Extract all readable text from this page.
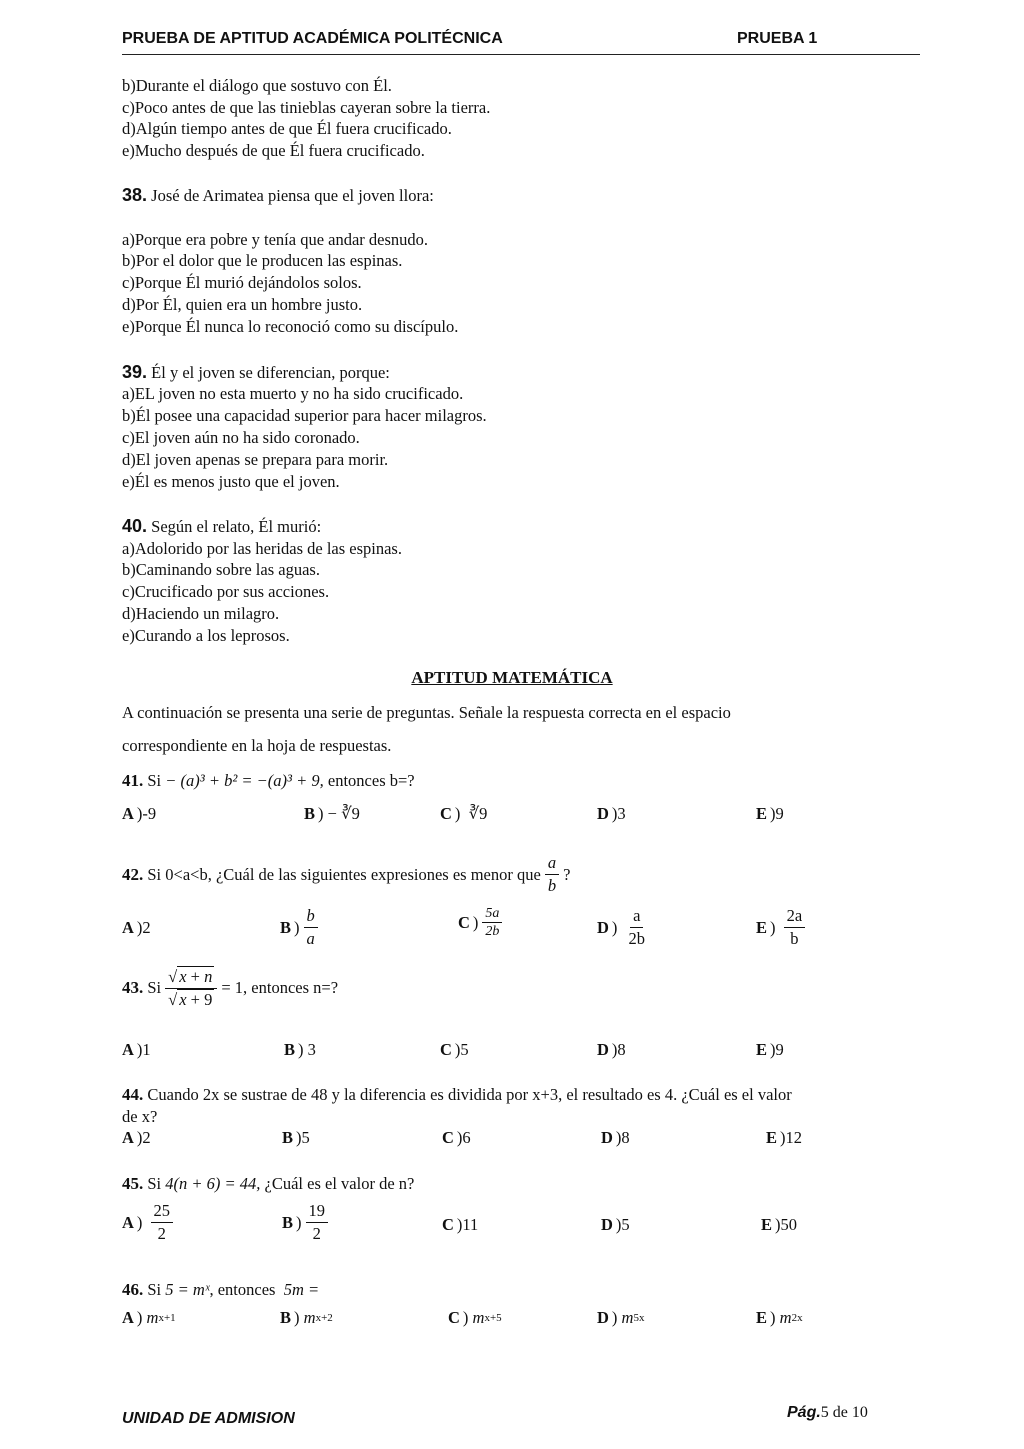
PRUEBA DE APTITUD ACADÉMICA POLITÉCNICA	PRUEBA 1
b)Durante el diálogo que sostuvo con Él.
c)Poco antes de que las tinieblas cayeran sobre la tierra.
d)Algún tiempo antes de que Él fuera crucificado.
e)Mucho después de que Él fuera crucificado.
38. José de Arimatea piensa que el joven llora:
a)Porque era pobre y tenía que andar desnudo.
b)Por el dolor que le producen las espinas.
c)Porque Él murió dejándolos solos.
d)Por Él, quien era un hombre justo.
e)Porque Él nunca lo reconoció como su discípulo.
39. Él y el joven se diferencian, porque:
a)EL joven no esta muerto y no ha sido crucificado.
b)Él posee una capacidad superior para hacer milagros.
c)El joven aún no ha sido coronado.
d)El joven apenas se prepara para morir.
e)Él es menos justo que el joven.
40. Según el relato, Él murió:
a)Adolorido por las heridas de las espinas.
b)Caminando sobre las aguas.
c)Crucificado por sus acciones.
d)Haciendo un milagro.
e)Curando a los leprosos.
APTITUD MATEMÁTICA
A continuación se presenta una serie de preguntas. Señale la respuesta correcta en el espacio
correspondiente en la hoja de respuestas.
41. Si − (a)³ + b² = −(a)³ + 9, entonces b=?
A ) -9	B ) − ∛9	C ) ∛9	D ) 3	E ) 9
42.
Si 0<a<b, ¿Cuál de las siguientes expresiones es menor que $\frac{a}{b}$ ?
A ) 2	B ) $\frac{b}{a}$	C ) $\frac{5a}{2b}$	D ) $\frac{a}{2b}$	E ) $\frac{2a}{b}$
43.
Si $\frac{√ x + n}{√ x + 9} = 1$,
entonces n=?
A ) 1	B ) 3	C ) 5	D ) 8	E ) 9
44. Cuando 2x se sustrae de 48 y la diferencia es dividida por x+3, el resultado es 4. ¿Cuál es el valor
de x?
A ) 2	B ) 5	C ) 6	D ) 8	E ) 12
45. Si 4(n + 6) = 44, ¿Cuál es el valor de n?
A ) $\frac{25}{2}$	B ) $\frac{19}{2}$	C ) 11	D ) 5	E ) 50
46. Si 5 = mˣ, entonces 5m =
A ) m x+1	B ) m x+2	C ) m x+5	D ) m 5x	E ) m 2x
UNIDAD DE ADMISION	Pág.5 de 10
